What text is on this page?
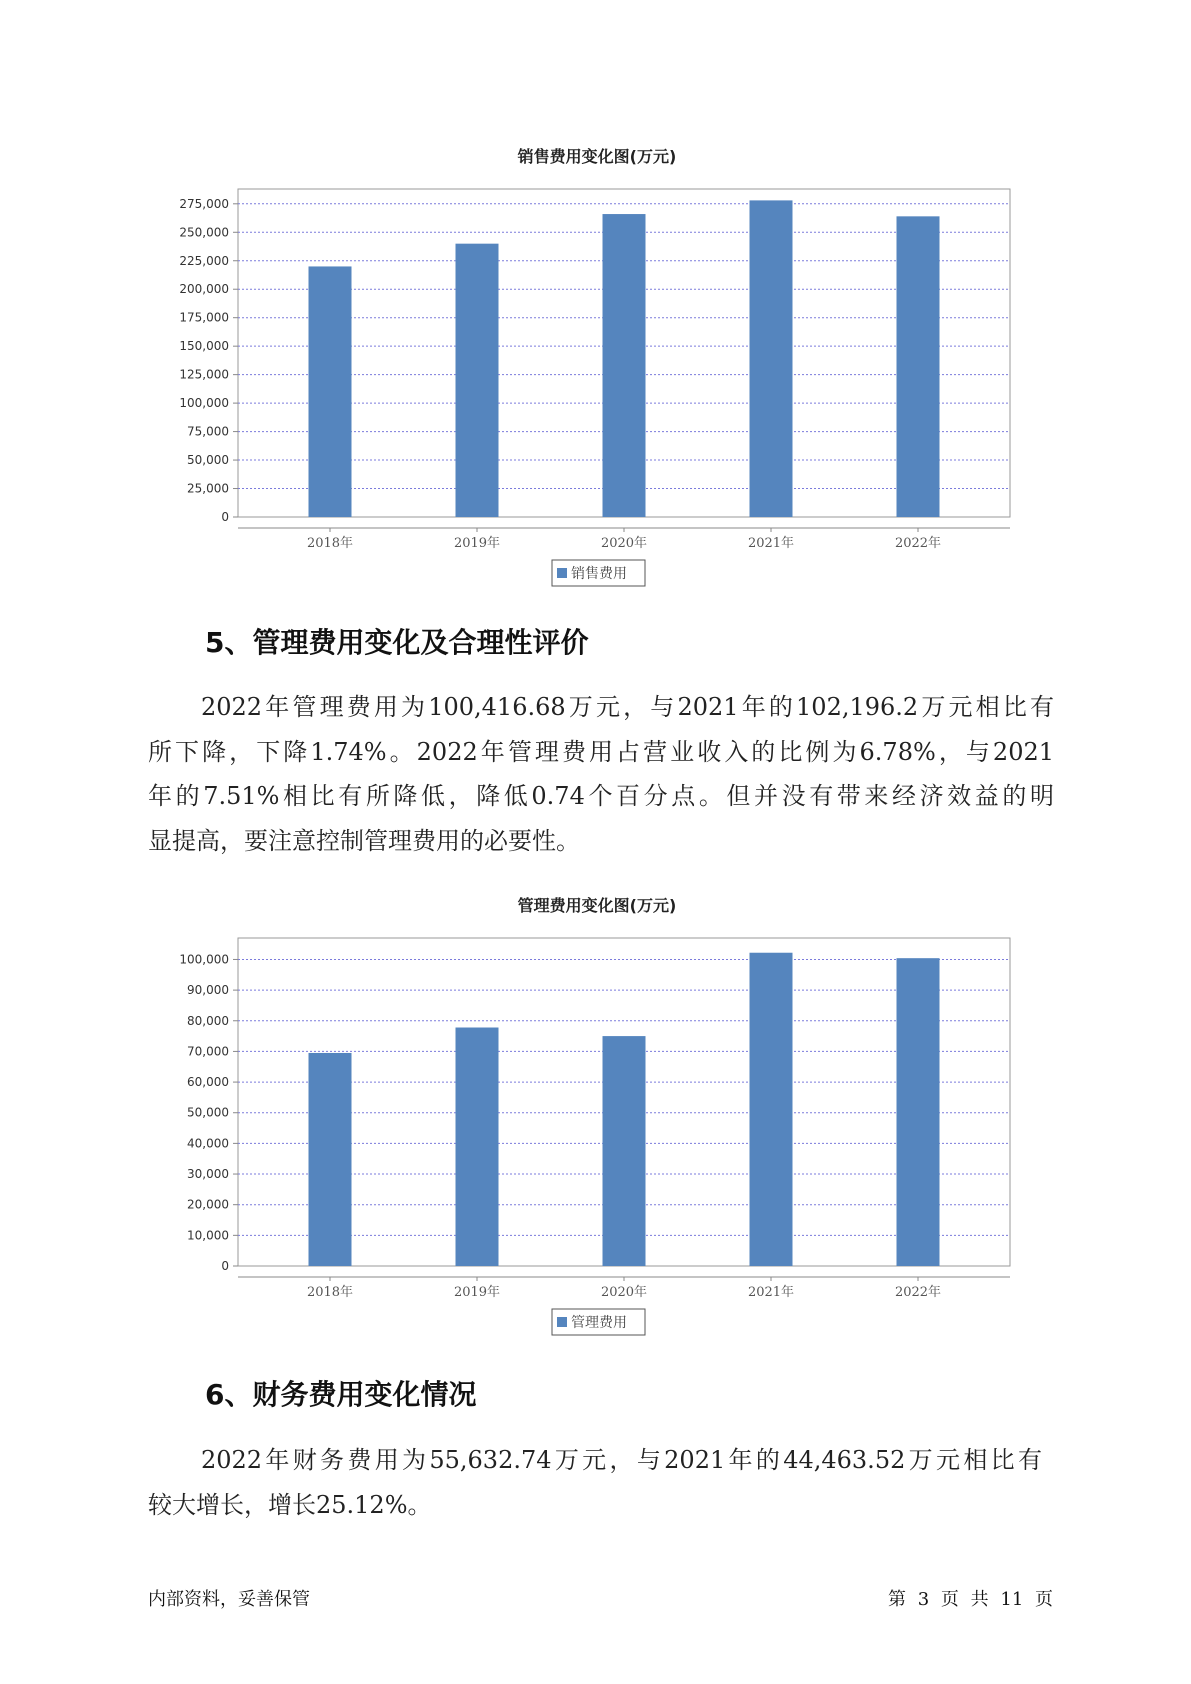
销售费用变化图(万元)
0
25,000
50,000
75,000
100,000
125,000
150,000
175,000
200,000
225,000
250,000
275,000
2018年	2019年	2020年	2021年	2022年
销售费用
5、管理费用变化及合理性评价
2022年管理费用为100,416.68万元，与2021年的102,196.2万元相比有
所下降，下降1.74%。2022年管理费用占营业收入的比例为6.78%，与2021
年的7.51%相比有所降低，降低0.74个百分点。但并没有带来经济效益的明
显提高，要注意控制管理费用的必要性。
管理费用变化图(万元)
0
10,000
20,000
30,000
40,000
50,000
60,000
70,000
80,000
90,000
100,000
2018年	2019年	2020年	2021年	2022年
管理费用
6、财务费用变化情况
2022年财务费用为55,632.74万元，与2021年的44,463.52万元相比有
较大增长，增长25.12%。
内部资料，妥善保管	第 3 页 共 11 页
